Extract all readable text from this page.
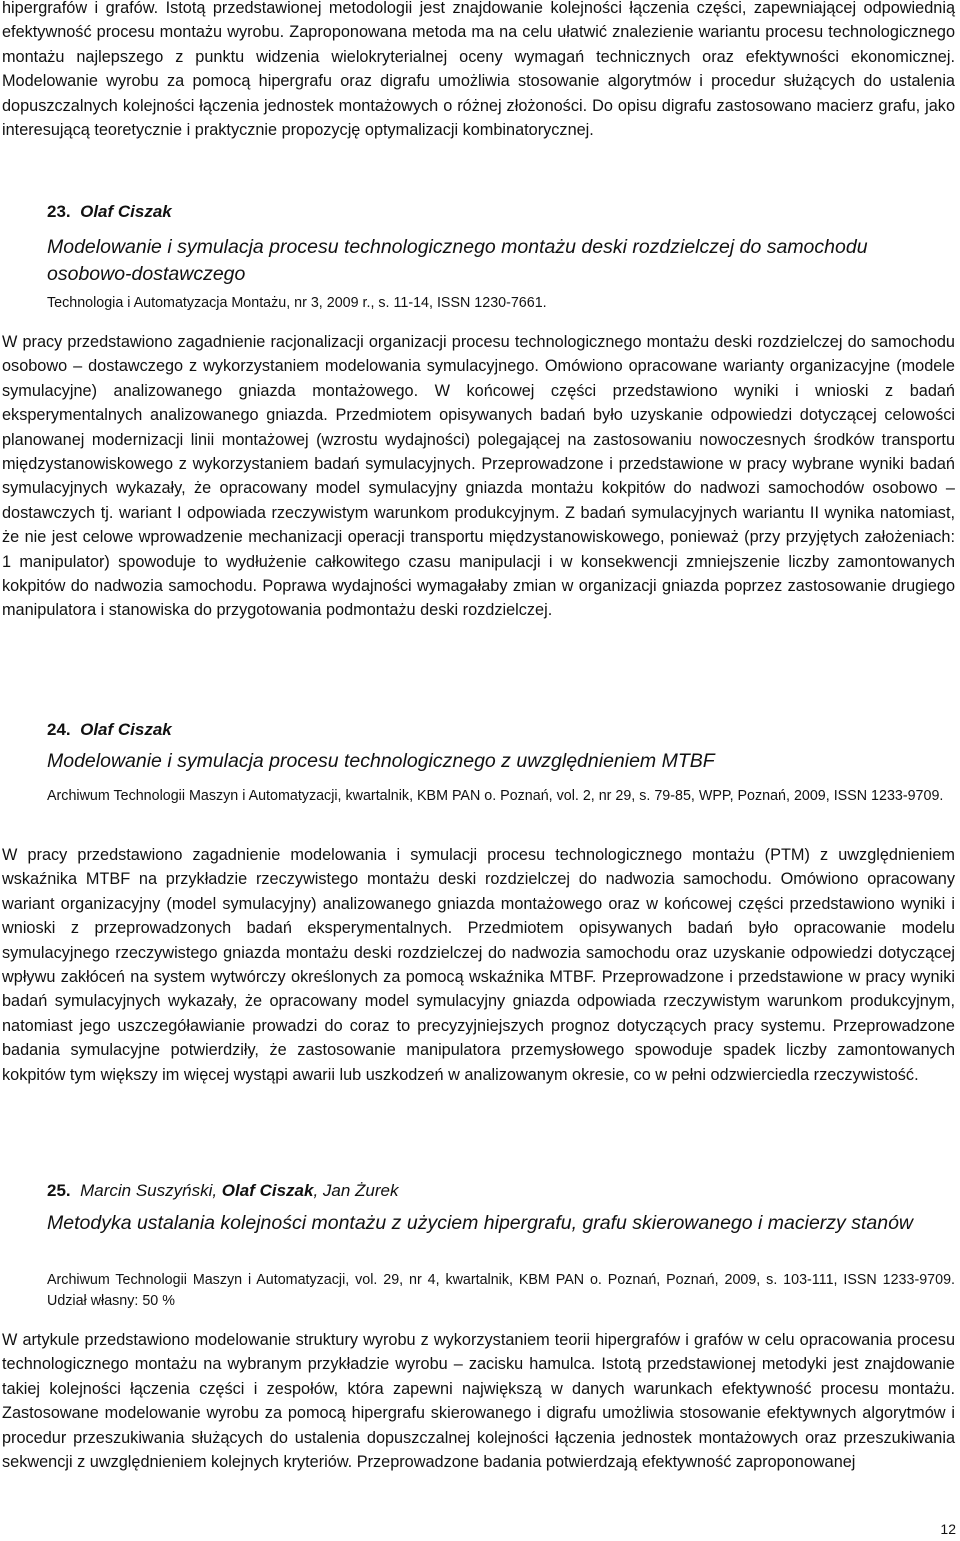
hipergrafów i grafów. Istotą przedstawionej metodologii jest znajdowanie kolejności łączenia części, zapewniającej odpowiednią efektywność procesu montażu wyrobu. Zaproponowana metoda ma na celu ułatwić znalezienie wariantu procesu technologicznego montażu najlepszego z punktu widzenia wielokryterialnej oceny wymagań technicznych oraz efektywności ekonomicznej. Modelowanie wyrobu za pomocą hipergrafu oraz digrafu umożliwia stosowanie algorytmów i procedur służących do ustalenia dopuszczalnych kolejności łączenia jednostek montażowych o różnej złożoności. Do opisu digrafu zastosowano macierz grafu, jako interesującą teoretycznie i praktycznie propozycję optymalizacji kombinatorycznej.

23. Olaf Ciszak

Modelowanie i symulacja procesu technologicznego montażu deski rozdzielczej do samochodu osobowo-dostawczego

Technologia i Automatyzacja Montażu, nr 3, 2009 r., s. 11-14, ISSN 1230-7661.

W pracy przedstawiono zagadnienie racjonalizacji organizacji procesu technologicznego montażu deski rozdzielczej do samochodu osobowo – dostawczego z wykorzystaniem modelowania symulacyjnego. Omówiono opracowane warianty organizacyjne (modele symulacyjne) analizowanego gniazda montażowego. W końcowej części przedstawiono wyniki i wnioski z badań eksperymentalnych analizowanego gniazda. Przedmiotem opisywanych badań było uzyskanie odpowiedzi dotyczącej celowości planowanej modernizacji linii montażowej (wzrostu wydajności) polegającej na zastosowaniu nowoczesnych środków transportu międzystanowiskowego z wykorzystaniem badań symulacyjnych. Przeprowadzone i przedstawione w pracy wybrane wyniki badań symulacyjnych wykazały, że opracowany model symulacyjny gniazda montażu kokpitów do nadwozi samochodów osobowo – dostawczych tj. wariant I odpowiada rzeczywistym warunkom produkcyjnym. Z badań symulacyjnych wariantu II wynika natomiast, że nie jest celowe wprowadzenie mechanizacji operacji transportu międzystanowiskowego, ponieważ (przy przyjętych założeniach: 1 manipulator) spowoduje to wydłużenie całkowitego czasu manipulacji i w konsekwencji zmniejszenie liczby zamontowanych kokpitów do nadwozia samochodu. Poprawa wydajności wymagałaby zmian w organizacji gniazda poprzez zastosowanie drugiego manipulatora i stanowiska do przygotowania podmontażu deski rozdzielczej.

24. Olaf Ciszak

Modelowanie i symulacja procesu technologicznego z uwzględnieniem MTBF

Archiwum Technologii Maszyn i Automatyzacji, kwartalnik, KBM PAN o. Poznań, vol. 2, nr 29, s. 79-85, WPP, Poznań, 2009, ISSN 1233-9709.

W pracy przedstawiono zagadnienie modelowania i symulacji procesu technologicznego montażu (PTM) z uwzględnieniem wskaźnika MTBF na przykładzie rzeczywistego montażu deski rozdzielczej do nadwozia samochodu. Omówiono opracowany wariant organizacyjny (model symulacyjny) analizowanego gniazda montażowego oraz w końcowej części przedstawiono wyniki i wnioski z przeprowadzonych badań eksperymentalnych. Przedmiotem opisywanych badań było opracowanie modelu symulacyjnego rzeczywistego gniazda montażu deski rozdzielczej do nadwozia samochodu oraz uzyskanie odpowiedzi dotyczącej wpływu zakłóceń na system wytwórczy określonych za pomocą wskaźnika MTBF. Przeprowadzone i przedstawione w pracy wyniki badań symulacyjnych wykazały, że opracowany model symulacyjny gniazda odpowiada rzeczywistym warunkom produkcyjnym, natomiast jego uszczegóławianie prowadzi do coraz to precyzyjniejszych prognoz dotyczących pracy systemu. Przeprowadzone badania symulacyjne potwierdziły, że zastosowanie manipulatora przemysłowego spowoduje spadek liczby zamontowanych kokpitów tym większy im więcej wystąpi awarii lub uszkodzeń w analizowanym okresie, co w pełni odzwierciedla rzeczywistość.

25. Marcin Suszyński, Olaf Ciszak, Jan Żurek

Metodyka ustalania kolejności montażu z użyciem hipergrafu, grafu skierowanego i macierzy stanów

Archiwum Technologii Maszyn i Automatyzacji, vol. 29, nr 4, kwartalnik, KBM PAN o. Poznań, Poznań, 2009, s. 103-111, ISSN 1233-9709. Udział własny: 50 %

W artykule przedstawiono modelowanie struktury wyrobu z wykorzystaniem teorii hipergrafów i grafów w celu opracowania procesu technologicznego montażu na wybranym przykładzie wyrobu – zacisku hamulca. Istotą przedstawionej metodyki jest znajdowanie takiej kolejności łączenia części i zespołów, która zapewni największą w danych warunkach efektywność procesu montażu. Zastosowane modelowanie wyrobu za pomocą hipergrafu skierowanego i digrafu umożliwia stosowanie efektywnych algorytmów i procedur przeszukiwania służących do ustalenia dopuszczalnej kolejności łączenia jednostek montażowych oraz przeszukiwania sekwencji z uwzględnieniem kolejnych kryteriów. Przeprowadzone badania potwierdzają efektywność zaproponowanej

12
